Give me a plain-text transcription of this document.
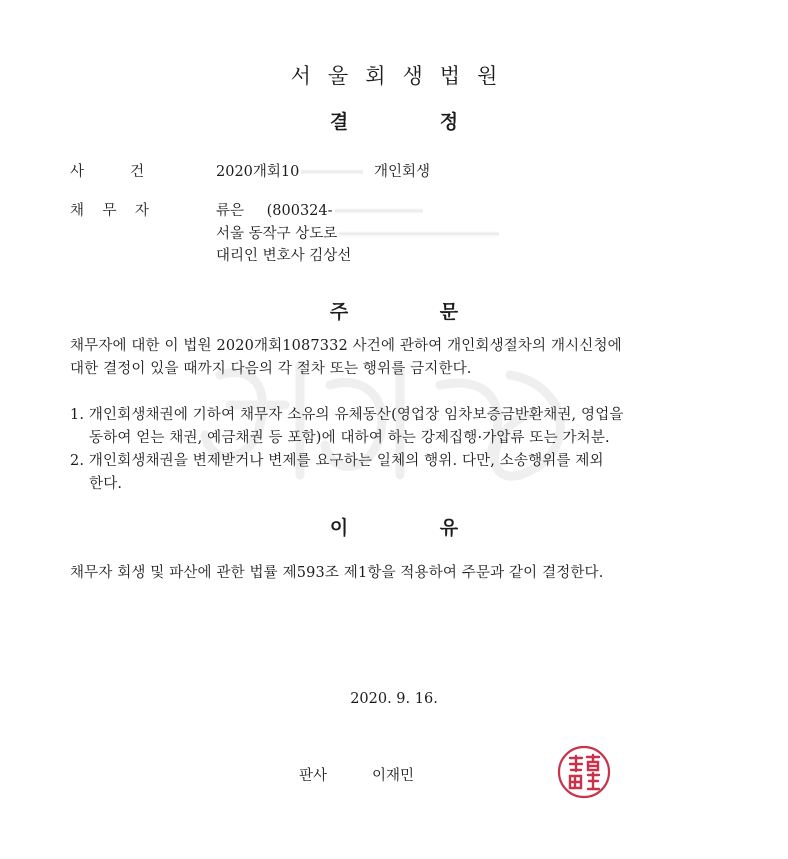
서울회생법원
결 정
사          건	2020개회10	개인회생
채    무    자	류은 (800324-
서울 동작구 상도로
대리인 변호사 김상선
주 문
채무자에 대한 이 법원 2020개회1087332 사건에 관하여 개인회생절차의 개시신청에
대한 결정이 있을 때까지 다음의 각 절차 또는 행위를 금지한다.
1. 개인회생채권에 기하여 채무자 소유의 유체동산(영업장 임차보증금반환채권, 영업을
동하여 얻는 채권, 예금채권 등 포함)에 대하여 하는 강제집행·가압류 또는 가처분.
2. 개인회생채권을 변제받거나 변제를 요구하는 일체의 행위. 다만, 소송행위를 제외
한다.
이 유
채무자 회생 및 파산에 관한 법률 제593조 제1항을 적용하여 주문과 같이 결정한다.
2020. 9. 16.
판사	이재민
